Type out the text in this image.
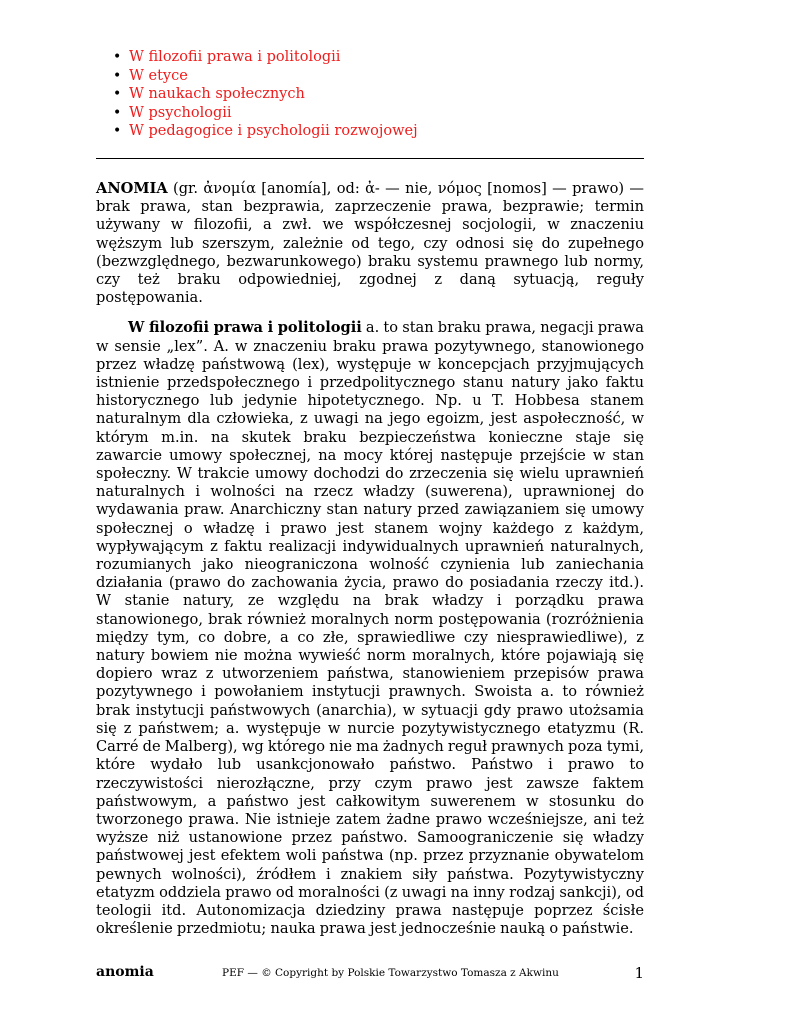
• W filozofii prawa i politologii
• W etyce
• W naukach społecznych
• W psychologii
• W pedagogice i psychologii rozwojowej

ANOMIA (gr. ἀνομία [anomía], od: ἀ- — nie, νόμος [nomos] — prawo) — brak prawa, stan bezprawia, zaprzeczenie prawa, bezprawie; termin używany w filozofii, a zwł. we współczesnej socjologii, w znaczeniu węższym lub szerszym, zależnie od tego, czy odnosi się do zupełnego (bezwzględnego, bezwarunkowego) braku systemu prawnego lub normy, czy też braku odpowiedniej, zgodnej z daną sytuacją, reguły postępowania.

W filozofii prawa i politologii a. to stan braku prawa, negacji prawa w sensie „lex”. A. w znaczeniu braku prawa pozytywnego, stanowionego przez władzę państwową (lex), występuje w koncepcjach przyjmujących istnienie przedspołecznego i przedpolitycznego stanu natury jako faktu historycznego lub jedynie hipotetycznego. Np. u T. Hobbesa stanem naturalnym dla człowieka, z uwagi na jego egoizm, jest aspołeczność, w którym m.in. na skutek braku bezpieczeństwa konieczne staje się zawarcie umowy społecznej, na mocy której następuje przejście w stan społeczny. W trakcie umowy dochodzi do zrzeczenia się wielu uprawnień naturalnych i wolności na rzecz władzy (suwerena), uprawnionej do wydawania praw. Anarchiczny stan natury przed zawiązaniem się umowy społecznej o władzę i prawo jest stanem wojny każdego z każdym, wypływającym z faktu realizacji indywidualnych uprawnień naturalnych, rozumianych jako nieograniczona wolność czynienia lub zaniechania działania (prawo do zachowania życia, prawo do posiadania rzeczy itd.). W stanie natury, ze względu na brak władzy i porządku prawa stanowionego, brak również moralnych norm postępowania (rozróżnienia między tym, co dobre, a co złe, sprawiedliwe czy niesprawiedliwe), z natury bowiem nie można wywieść norm moralnych, które pojawiają się dopiero wraz z utworzeniem państwa, stanowieniem przepisów prawa pozytywnego i powołaniem instytucji prawnych. Swoista a. to również brak instytucji państwowych (anarchia), w sytuacji gdy prawo utożsamia się z państwem; a. występuje w nurcie pozytywistycznego etatyzmu (R. Carré de Malberg), wg którego nie ma żadnych reguł prawnych poza tymi, które wydało lub usankcjonowało państwo. Państwo i prawo to rzeczywistości nierozłączne, przy czym prawo jest zawsze faktem państwowym, a państwo jest całkowitym suwerenem w stosunku do tworzonego prawa. Nie istnieje zatem żadne prawo wcześniejsze, ani też wyższe niż ustanowione przez państwo. Samoograniczenie się władzy państwowej jest efektem woli państwa (np. przez przyznanie obywatelom pewnych wolności), źródłem i znakiem siły państwa. Pozytywistyczny etatyzm oddziela prawo od moralności (z uwagi na inny rodzaj sankcji), od teologii itd. Autonomizacja dziedziny prawa następuje poprzez ścisłe określenie przedmiotu; nauka prawa jest jednocześnie nauką o państwie.

anomia	PEF — © Copyright by Polskie Towarzystwo Tomasza z Akwinu	1
